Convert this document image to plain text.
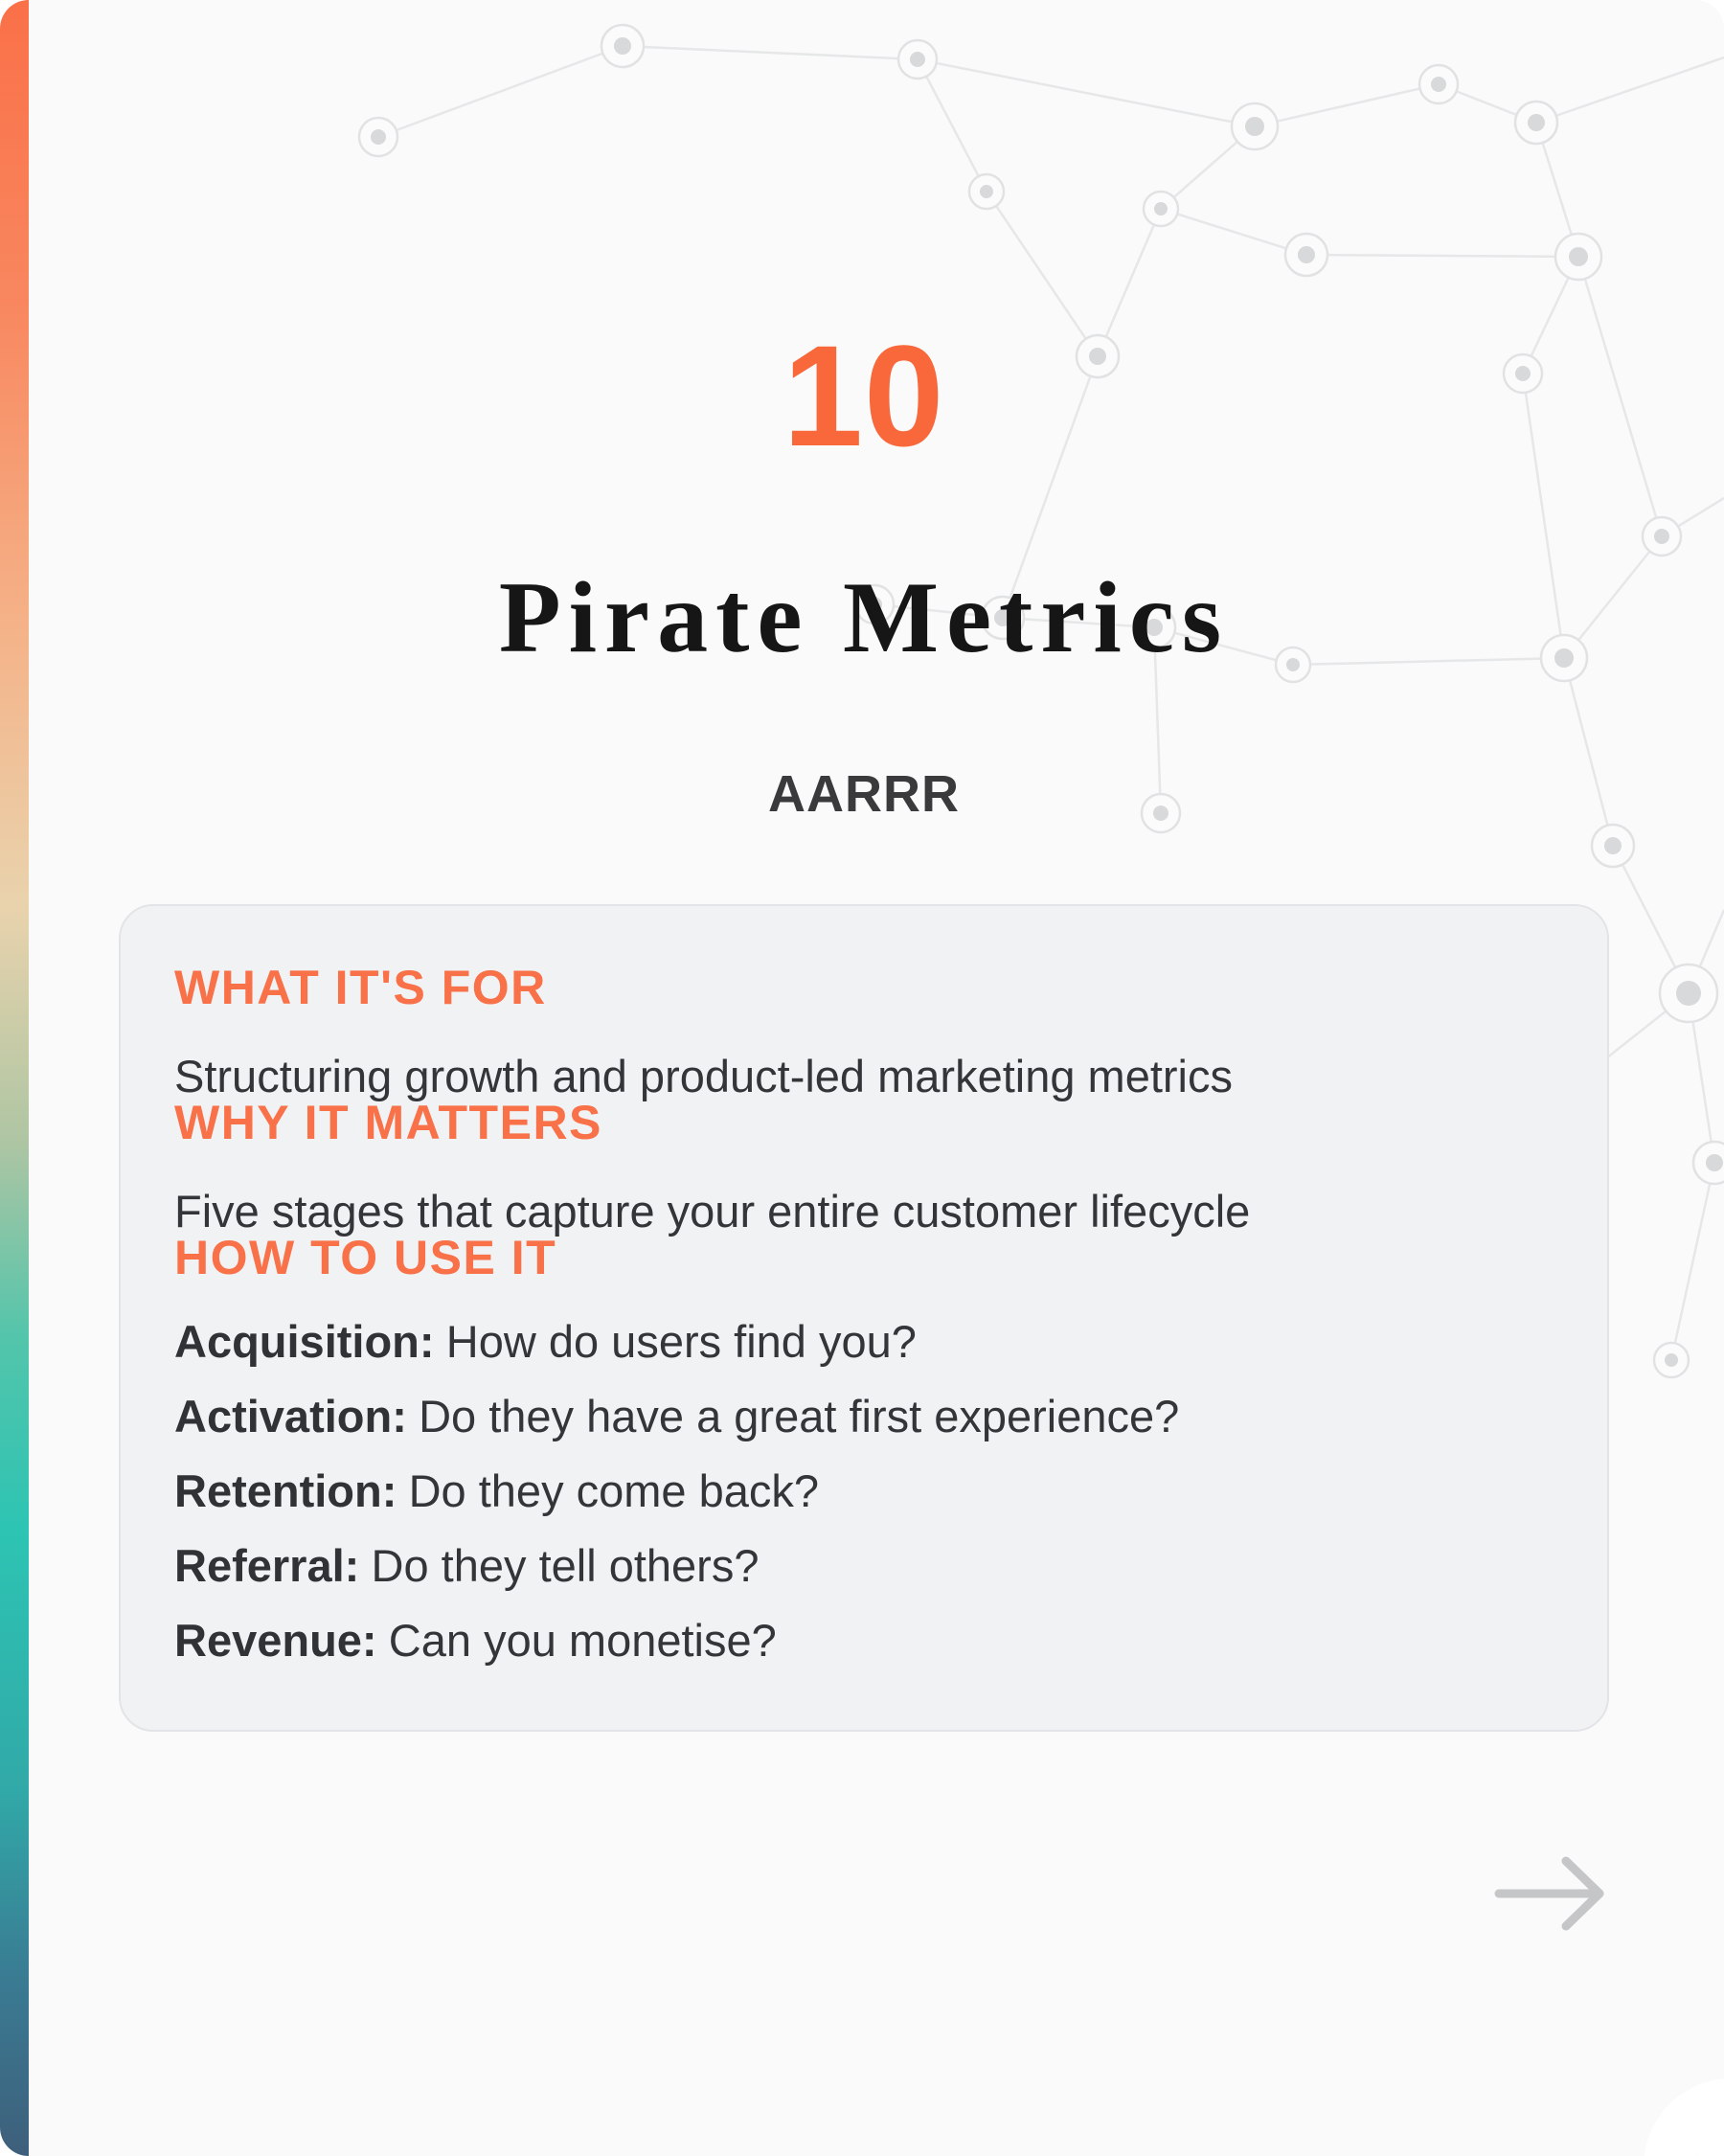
10
Pirate Metrics
AARRR
WHAT IT'S FOR
Structuring growth and product-led marketing metrics
WHY IT MATTERS
Five stages that capture your entire customer lifecycle
HOW TO USE IT
Acquisition: How do users find you?
Activation: Do they have a great first experience?
Retention: Do they come back?
Referral: Do they tell others?
Revenue: Can you monetise?
